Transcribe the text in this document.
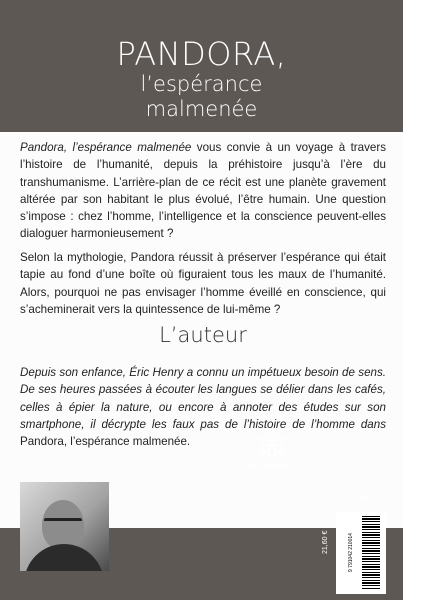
PANDORA,
l’espérance
malmenée
Pandora, l’espérance malmenée vous convie à un voyage à travers l’histoire de l’humanité, depuis la préhistoire jusqu’à l’ère du transhumanisme. L’arrière-plan de ce récit est une planète gravement altérée par son habitant le plus évolué, l’être humain. Une question s’impose : chez l’homme, l’intelligence et la conscience peuvent-elles dialoguer harmonieusement ?
Selon la mythologie, Pandora réussit à préserver l’espérance qui était tapie au fond d’une boîte où figuraient tous les maux de l’humanité. Alors, pourquoi ne pas envisager l’homme éveillé en conscience, qui s’acheminerait vers la quintessence de lui-même ?
L’auteur
Depuis son enfance, Éric Henry a connu un impétueux besoin de sens. De ses heures passées à écouter les langues se délier dans les cafés, celles à épier la nature, ou encore à annoter des études sur son smartphone, il décrypte les faux pas de l’histoire de l’homme dans Pandora, l’espérance malmenée.
LE LYS BLEU
ÉDITIONS
6957
21,60 €	9 791042 210014
